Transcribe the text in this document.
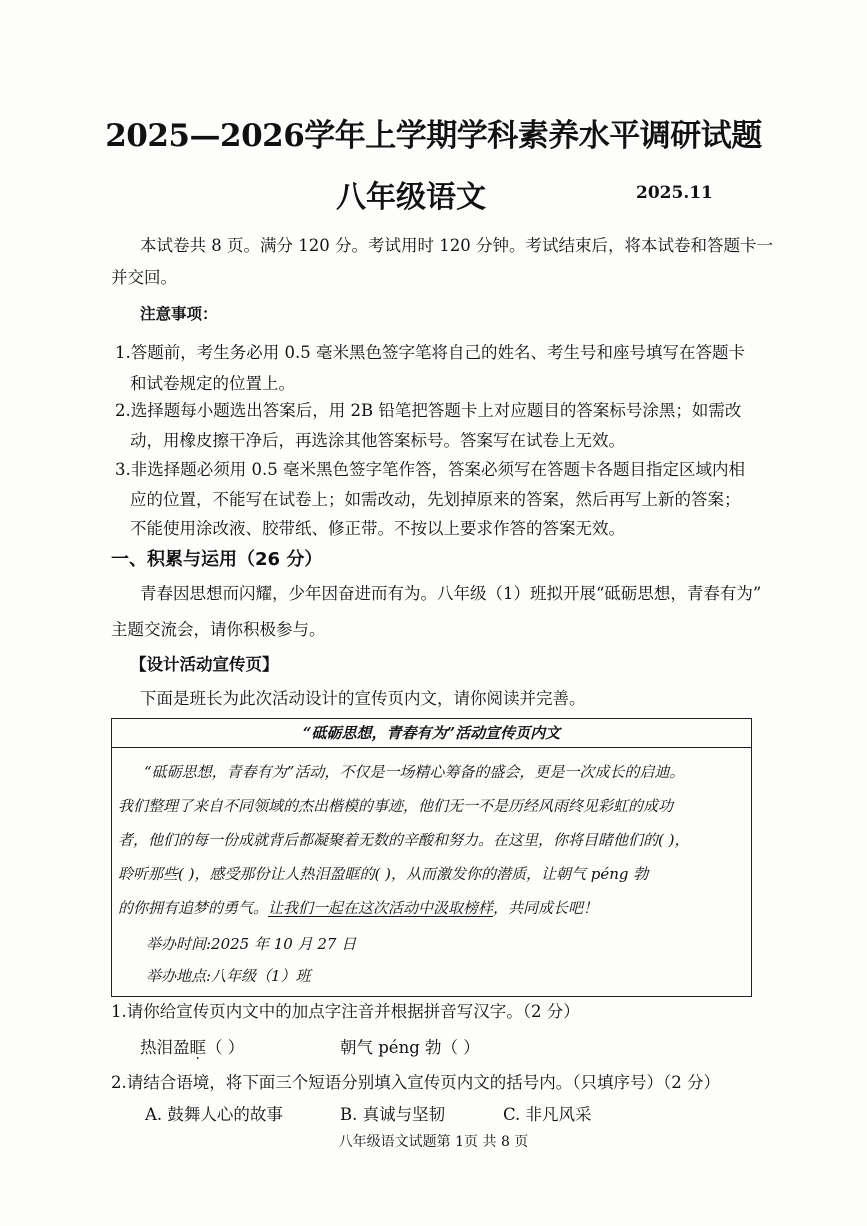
2025—2026学年上学期学科素养水平调研试题
八年级语文	2025.11
本试卷共 8 页。满分 120 分。考试用时 120 分钟。考试结束后，将本试卷和答题卡一
并交回。
注意事项：
1.答题前，考生务必用 0.5 毫米黑色签字笔将自己的姓名、考生号和座号填写在答题卡
和试卷规定的位置上。
2.选择题每小题选出答案后，用 2B 铅笔把答题卡上对应题目的答案标号涂黑；如需改
动，用橡皮擦干净后，再选涂其他答案标号。答案写在试卷上无效。
3.非选择题必须用 0.5 毫米黑色签字笔作答，答案必须写在答题卡各题目指定区域内相
应的位置，不能写在试卷上；如需改动，先划掉原来的答案，然后再写上新的答案；
不能使用涂改液、胶带纸、修正带。不按以上要求作答的答案无效。
一、积累与运用（26 分）
青春因思想而闪耀，少年因奋进而有为。八年级（1）班拟开展“砥砺思想，青春有为”
主题交流会，请你积极参与。
【设计活动宣传页】
下面是班长为此次活动设计的宣传页内文，请你阅读并完善。
“砥砺思想，青春有为”活动宣传页内文
“砥砺思想，青春有为”活动，不仅是一场精心筹备的盛会，更是一次成长的启迪。
我们整理了来自不同领域的杰出楷模的事迹，他们无一不是历经风雨终见彩虹的成功
者，他们的每一份成就背后都凝聚着无数的辛酸和努力。在这里，你将目睹他们的( )，
聆听那些( )，感受那份让人热泪盈眶的( )，从而激发你的潜质，让朝气 péng 勃
的你拥有追梦的勇气。让我们一起在这次活动中汲取榜样，共同成长吧！
举办时间:2025 年 10 月 27 日
举办地点:八年级（1）班
1.请你给宣传页内文中的加点字注音并根据拼音写汉字。（2 分）
热泪盈眶（ ）	朝气 péng 勃（ ）
2.请结合语境，将下面三个短语分别填入宣传页内文的括号内。（只填序号）（2 分）
A. 鼓舞人心的故事	B. 真诚与坚韧	C. 非凡风采
八年级语文试题第 1页 共 8 页
